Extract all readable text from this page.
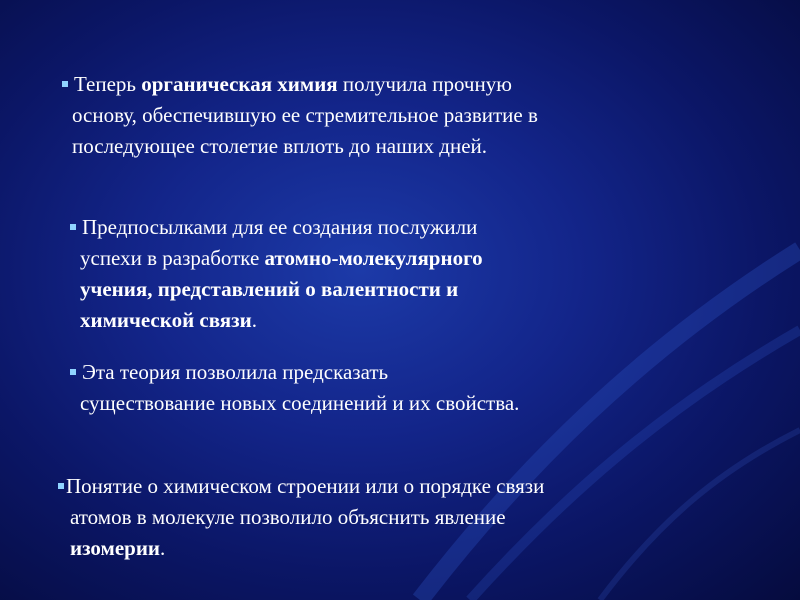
Теперь органическая химия получила прочную
основу, обеспечившую ее стремительное развитие в
последующее столетие вплоть до наших дней.
Предпосылками для ее создания послужили
успехи в разработке атомно-молекулярного
учения, представлений о валентности и
химической связи.
Эта теория позволила предсказать
существование новых соединений и их свойства.
Понятие о химическом строении или о порядке связи
атомов в молекуле позволило объяснить явление
изомерии.
